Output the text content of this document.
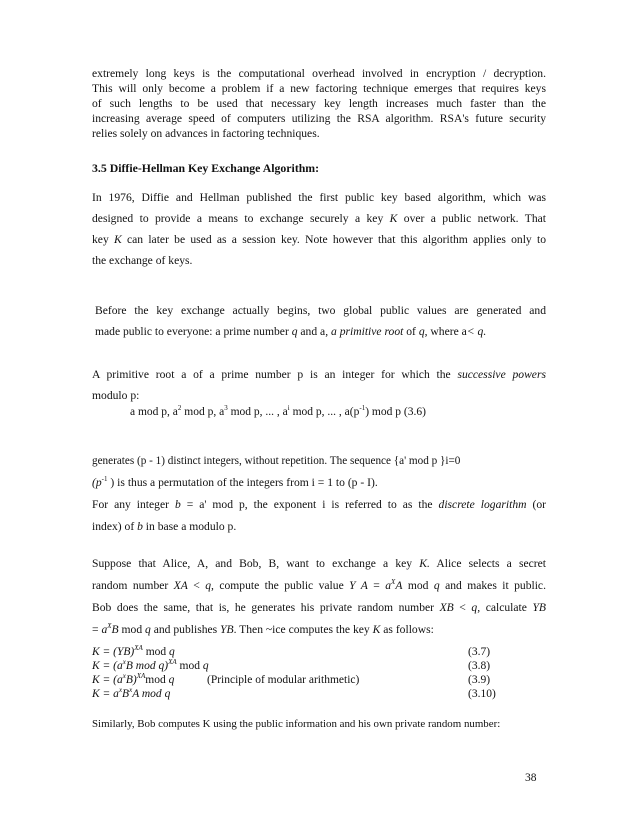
extremely long keys is the computational overhead involved in encryption / decryption.
This will only become a problem if a new factoring technique emerges that requires keys
of such lengths to be used that necessary key length increases much faster than the
increasing average speed of computers utilizing the RSA algorithm. RSA's future security
relies solely on advances in factoring techniques.
3.5 Diffie-Hellman Key Exchange Algorithm:
In 1976, Diffie and Hellman published the first public key based algorithm, which was
designed to provide a means to exchange securely a key K over a public network. That
key K can later be used as a session key. Note however that this algorithm applies only to
the exchange of keys.
Before the key exchange actually begins, two global public values are generated and
made public to everyone: a prime number q and a, a primitive root of q, where a< q.
A primitive root a of a prime number p is an integer for which the successive powers
modulo p:
a mod p, $a^2$ mod p, $a^3$ mod p, ... , $a^i$ mod p, ... , $a(p^{-1})$ mod p (3.6)
generates (p - 1) distinct integers, without repetition. The sequence {a' mod p }i=0
($p^{-1}$ ) is thus a permutation of the integers from i = 1 to (p - I).
For any integer b = a' mod p, the exponent i is referred to as the discrete logarithm (or
index) of b in base a modulo p.
Suppose that Alice, A, and Bob, B, want to exchange a key K. Alice selects a secret
random number XA < q, compute the public value Y $A = a^XA$ mod q and makes it public.
Bob does the same, that is, he generates his private random number XB < q, calculate YB
= $a^XB$ mod q and publishes YB. Then ~ice computes the key K as follows:
K = (YB)$^{XA}$ mod q	(3.7)
$K = (a^xB$ mod q)$^{XA}$ mod q	(3.8)
$K = (a^xB)^{XA}mod$ q	(Principle of modular arithmetic)	(3.9)
$K = a^xB^xA$ mod q	(3.10)
Similarly, Bob computes K using the public information and his own private random number:
38
